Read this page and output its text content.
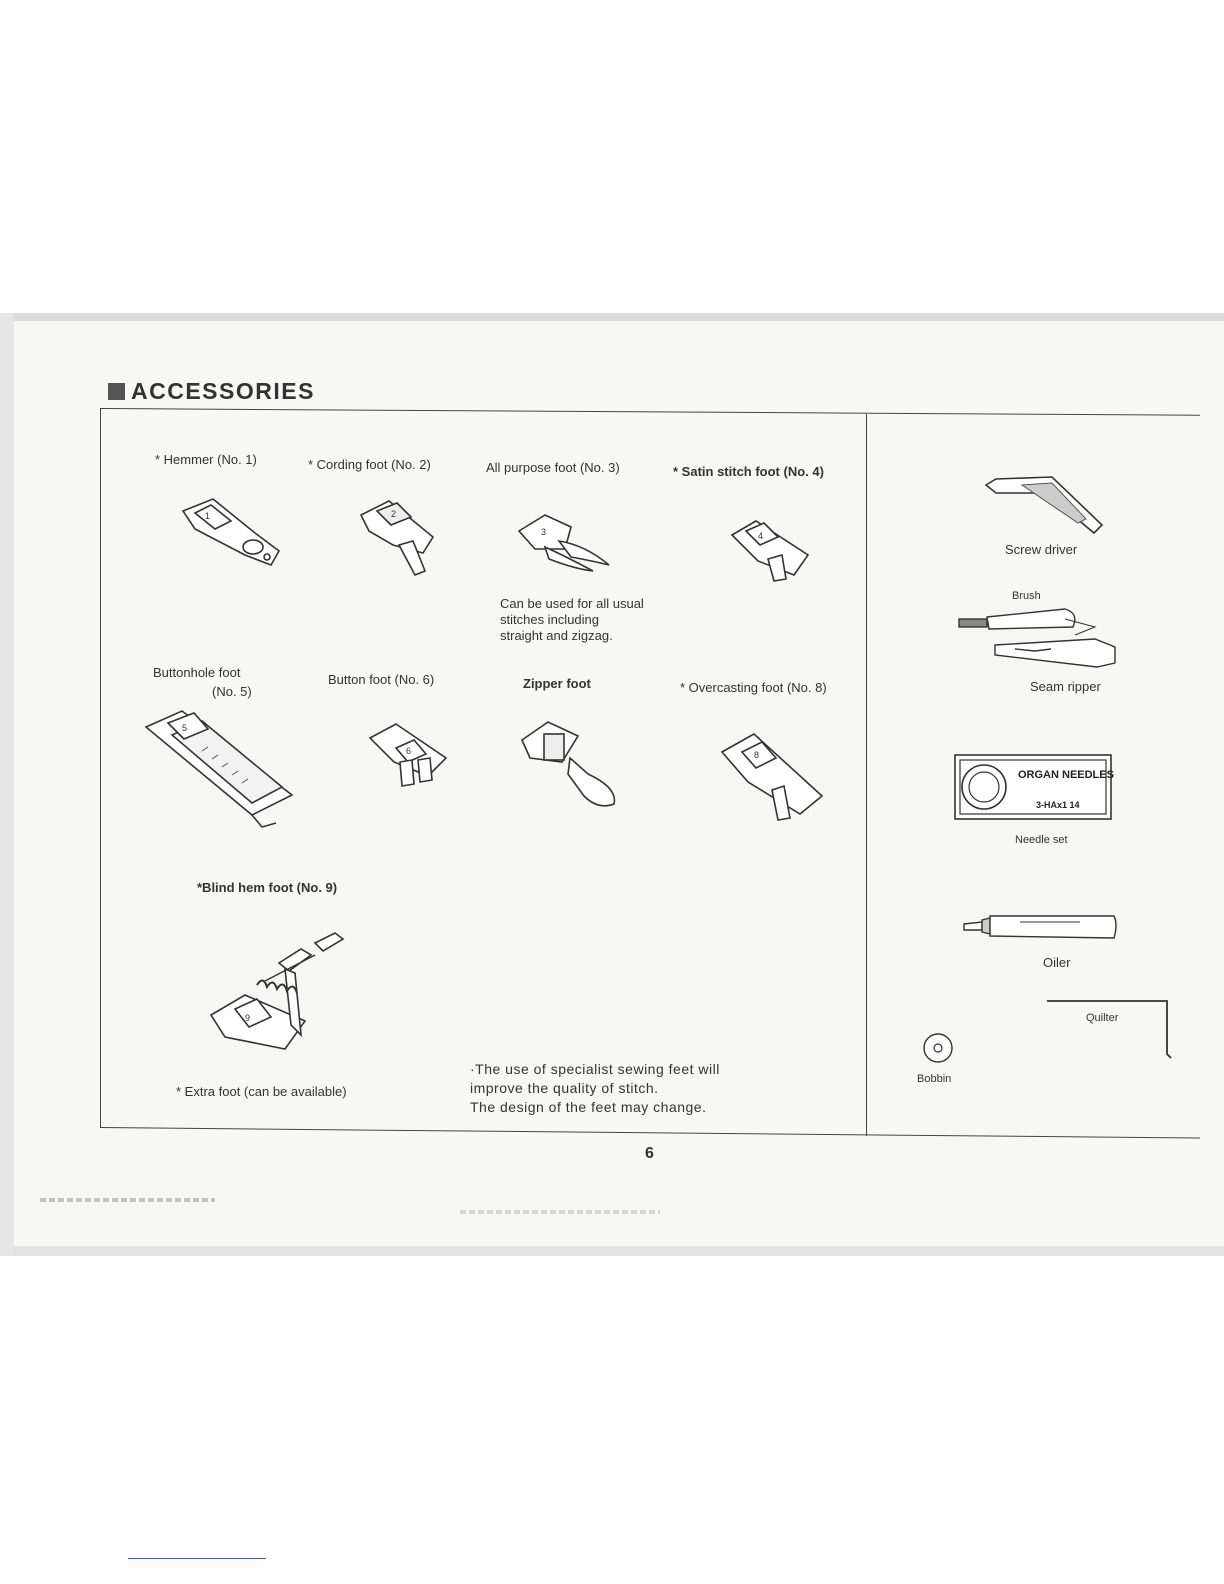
ACCESSORIES
* Hemmer (No. 1)	* Cording foot (No. 2)	All purpose foot (No. 3)	* Satin stitch foot (No. 4)
1	2
3	4
Can be used for all usual
stitches including
straight and zigzag.
Buttonhole foot
(No. 5)
Button foot (No. 6)	Zipper foot	* Overcasting foot (No. 8)
5
6	8
*Blind hem foot (No. 9)
9
* Extra foot (can be available)
·The use of specialist sewing feet will
improve the quality of stitch.
The design of the feet may change.
Screw driver
Brush
Seam ripper
ORGAN NEEDLES
3-HAx1 14
Needle set
Oiler
Quilter
Bobbin
6
